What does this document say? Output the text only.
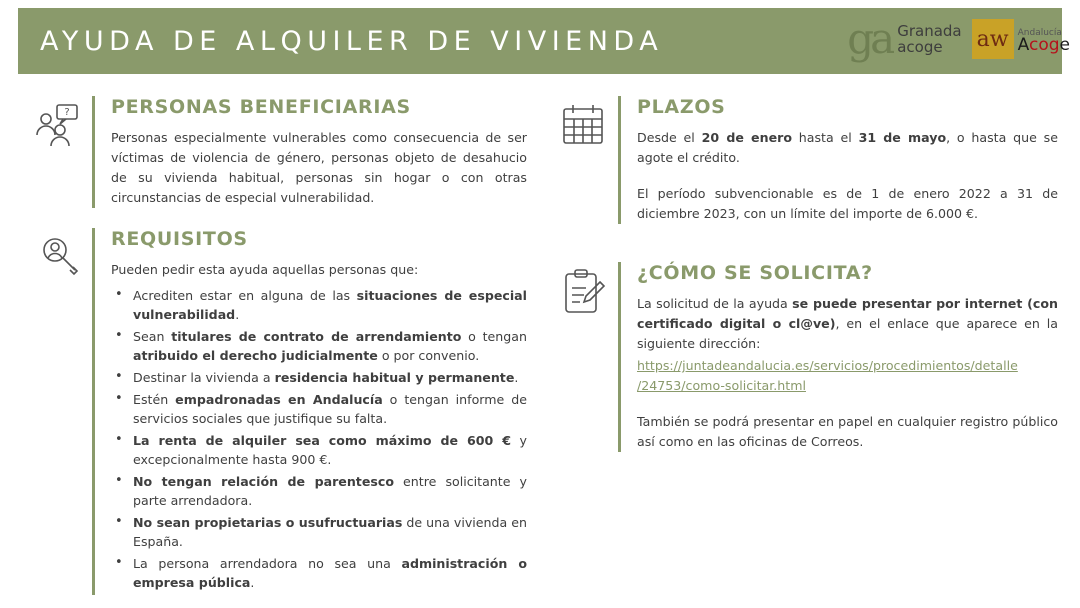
AYUDA DE ALQUILER DE VIVIENDA	ga Granada
acoge	aw	Andalucía
Acoge
? PERSONAS BENEFICIARIAS

Personas especialmente vulnerables como consecuencia de ser víctimas de violencia de género, personas objeto de desahucio de su vivienda habitual, personas sin hogar o con otras circunstancias de especial vulnerabilidad.

REQUISITOS

Pueden pedir esta ayuda aquellas personas que:

• Acrediten estar en alguna de las situaciones de especial vulnerabilidad.
• Sean titulares de contrato de arrendamiento o tengan atribuido el derecho judicialmente o por convenio.
• Destinar la vivienda a residencia habitual y permanente.
• Estén empadronadas en Andalucía o tengan informe de servicios sociales que justifique su falta.
• La renta de alquiler sea como máximo de 600 € y excepcionalmente hasta 900 €.
• No tengan relación de parentesco entre solicitante y parte arrendadora.
• No sean propietarias o usufructuarias de una vivienda en España.
• La persona arrendadora no sea una administración o empresa pública.
PLAZOS

Desde el 20 de enero hasta el 31 de mayo, o hasta que se agote el crédito.

El período subvencionable es de 1 de enero 2022 a 31 de diciembre 2023, con un límite del importe de 6.000 €.

¿CÓMO SE SOLICITA?

La solicitud de la ayuda se puede presentar por internet (con certificado digital o cl@ve), en el enlace que aparece en la siguiente dirección:

https://juntadeandalucia.es/servicios/procedimientos/detalle
/24753/como-solicitar.html

También se podrá presentar en papel en cualquier registro público así como en las oficinas de Correos.
